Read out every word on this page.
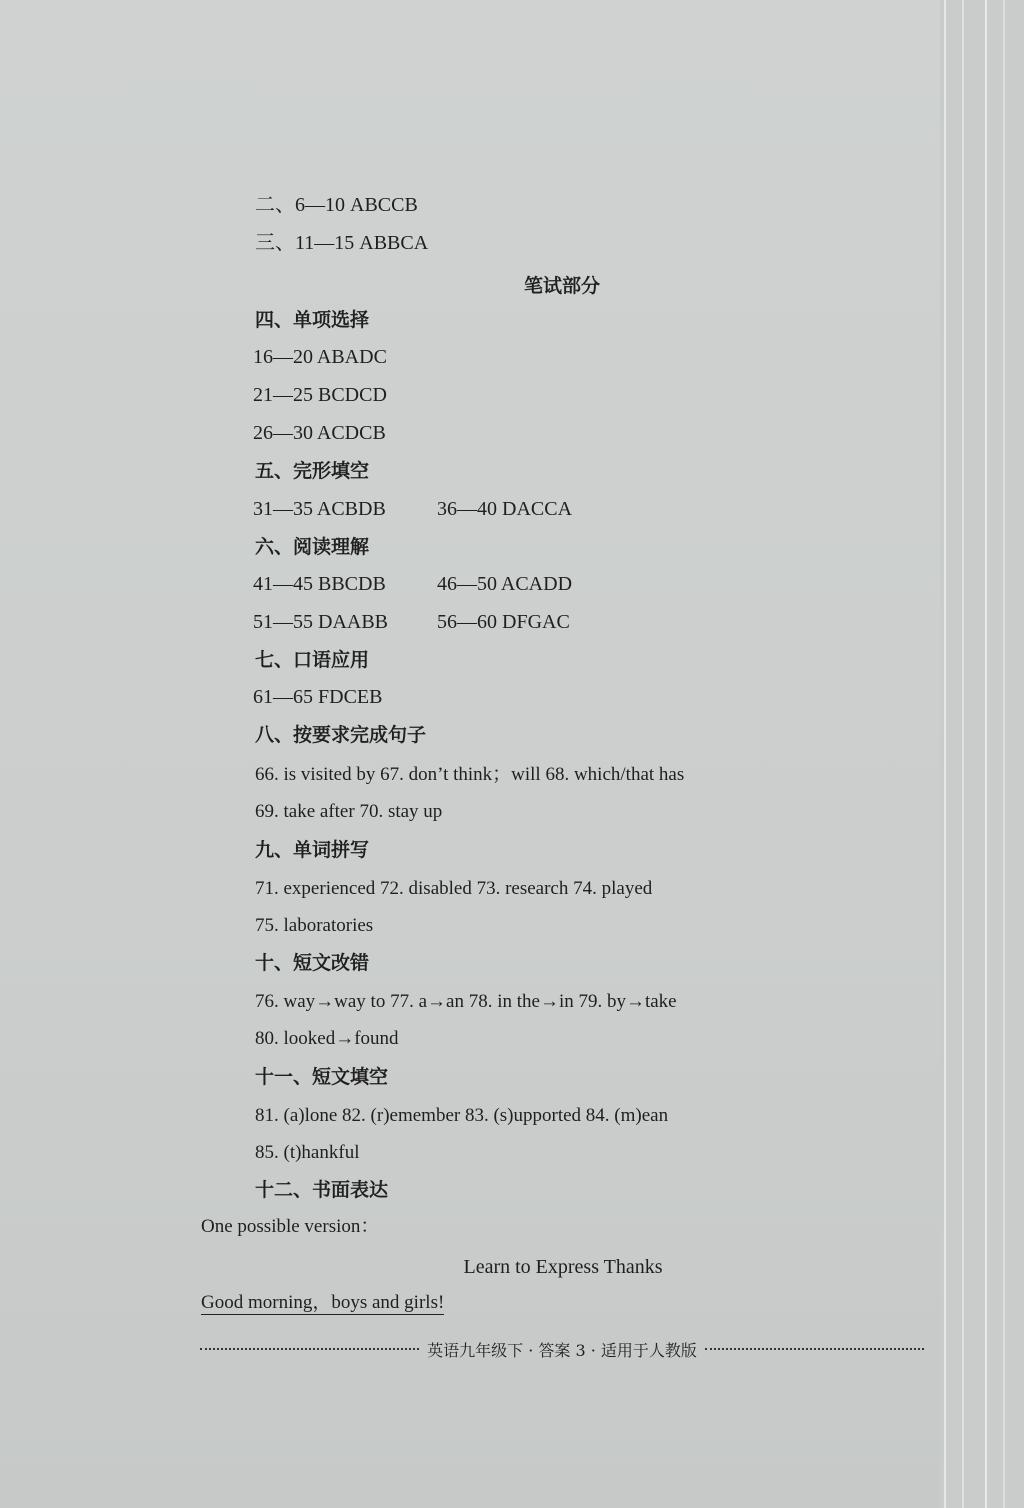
二、6—10 ABCCB
三、11—15 ABBCA
笔试部分
四、单项选择
16—20 ABADC
21—25 BCDCD
26—30 ACDCB
五、完形填空
31—35 ACBDB	36—40 DACCA
六、阅读理解
41—45 BBCDB	46—50 ACADD
51—55 DAABB 56—60 DFGAC
七、口语应用
61—65 FDCEB
八、按要求完成句子
66. is visited by 67. don’t think；will 68. which/that has
69. take after 70. stay up
九、单词拼写
71. experienced 72. disabled 73. research 74. played
75. laboratories
十、短文改错
76. way→way to 77. a→an 78. in the→in 79. by→take
80. looked→found
十一、短文填空
81. (a)lone 82. (r)emember 83. (s)upported 84. (m)ean
85. (t)hankful
十二、书面表达
One possible version：
Learn to Express Thanks
Good morning，boys and girls!
英语九年级下 · 答案 3 · 适用于人教版
